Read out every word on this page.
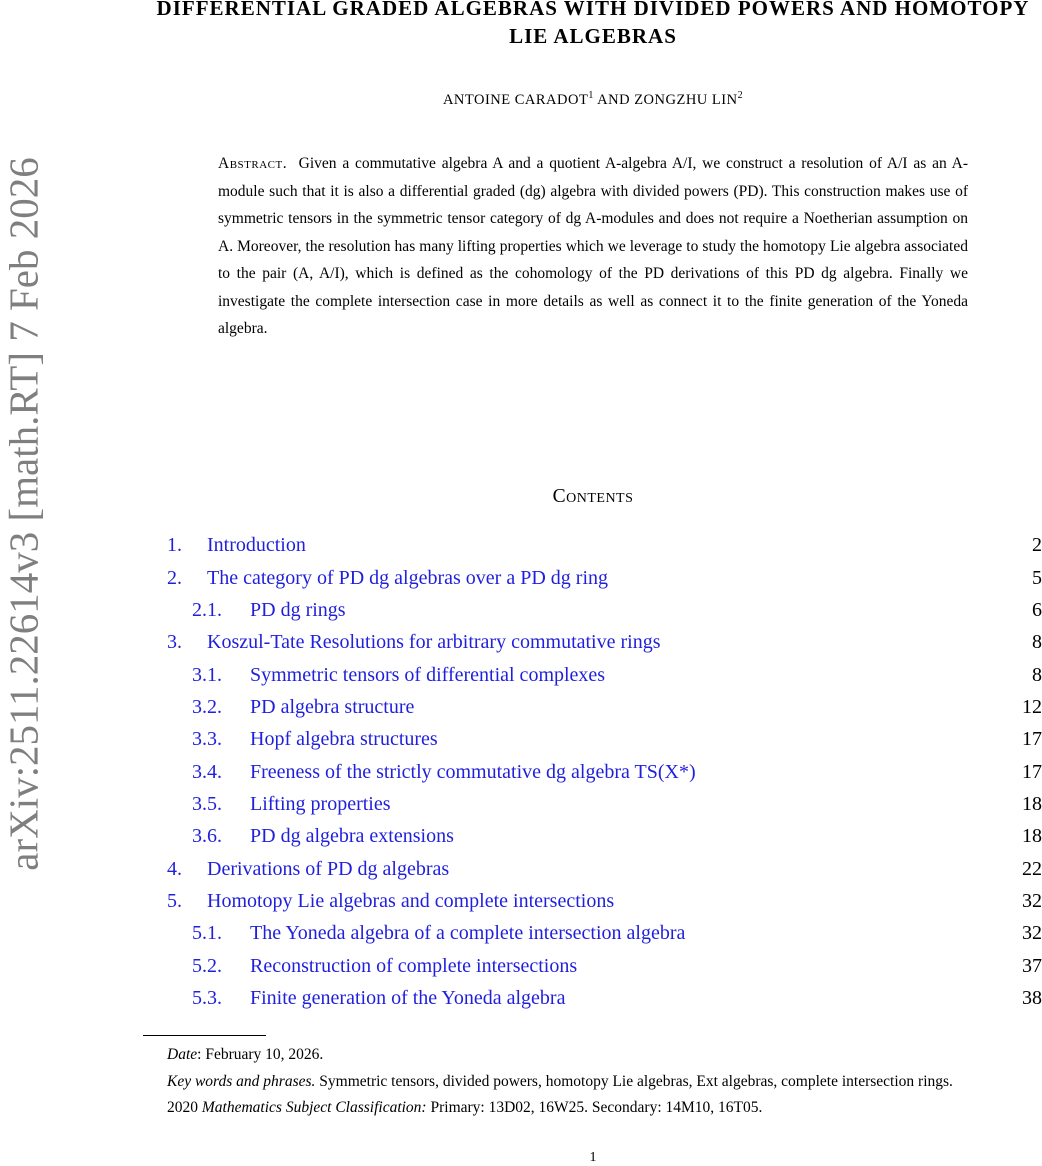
arXiv:2511.22614v3 [math.RT] 7 Feb 2026
DIFFERENTIAL GRADED ALGEBRAS WITH DIVIDED POWERS AND HOMOTOPY LIE ALGEBRAS
ANTOINE CARADOT$^1$ AND ZONGZHU LIN$^2$
Abstract. Given a commutative algebra A and a quotient A-algebra A/I, we construct a resolution of A/I as an A-module such that it is also a differential graded (dg) algebra with divided powers (PD). This construction makes use of symmetric tensors in the symmetric tensor category of dg A-modules and does not require a Noetherian assumption on A. Moreover, the resolution has many lifting properties which we leverage to study the homotopy Lie algebra associated to the pair (A, A/I), which is defined as the cohomology of the PD derivations of this PD dg algebra. Finally we investigate the complete intersection case in more details as well as connect it to the finite generation of the Yoneda algebra.
Contents
1. Introduction	2
2. The category of PD dg algebras over a PD dg ring	5
2.1. PD dg rings	6
3. Koszul-Tate Resolutions for arbitrary commutative rings	8
3.1. Symmetric tensors of differential complexes	8
3.2. PD algebra structure	12
3.3. Hopf algebra structures	17
3.4. Freeness of the strictly commutative dg algebra TS(X*)	17
3.5. Lifting properties	18
3.6. PD dg algebra extensions	18
4. Derivations of PD dg algebras	22
5. Homotopy Lie algebras and complete intersections	32
5.1. The Yoneda algebra of a complete intersection algebra	32
5.2. Reconstruction of complete intersections	37
5.3. Finite generation of the Yoneda algebra	38

Date: February 10, 2026.

Key words and phrases. Symmetric tensors, divided powers, homotopy Lie algebras, Ext algebras, complete intersection rings.

2020 Mathematics Subject Classification: Primary: 13D02, 16W25. Secondary: 14M10, 16T05.

1
